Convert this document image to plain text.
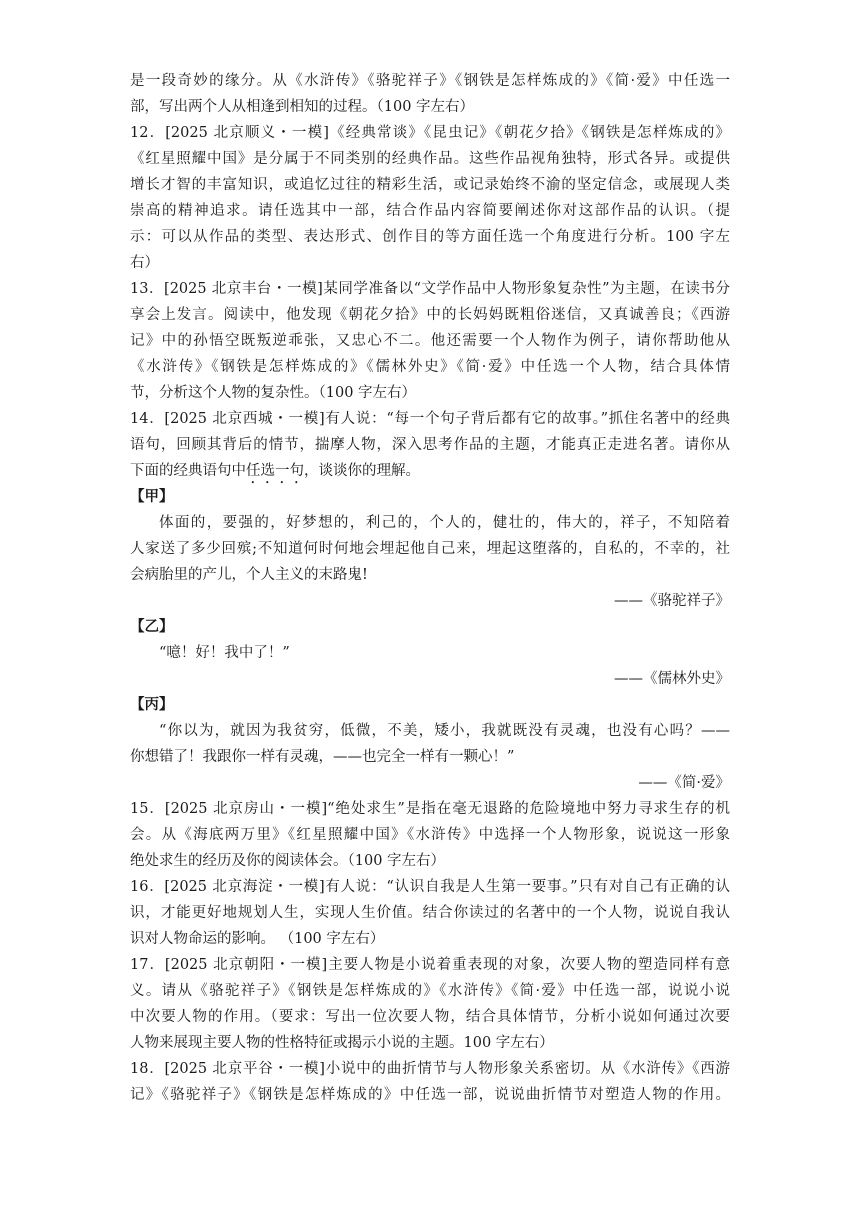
是一段奇妙的缘分。从《水浒传》《骆驼祥子》《钢铁是怎样炼成的》《简·爱》中任选一
部，写出两个人从相逢到相知的过程。（100 字左右）
12．[2025 北京顺义・一模]《经典常谈》《昆虫记》《朝花夕拾》《钢铁是怎样炼成的》
《红星照耀中国》是分属于不同类别的经典作品。这些作品视角独特，形式各异。或提供
增长才智的丰富知识，或追忆过往的精彩生活，或记录始终不渝的坚定信念，或展现人类
崇高的精神追求。请任选其中一部，结合作品内容简要阐述你对这部作品的认识。（提
示：可以从作品的类型、表达形式、创作目的等方面任选一个角度进行分析。100 字左
右）
13．[2025 北京丰台・一模]某同学准备以“文学作品中人物形象复杂性”为主题，在读书分
享会上发言。阅读中，他发现《朝花夕拾》中的长妈妈既粗俗迷信，又真诚善良；《西游
记》中的孙悟空既叛逆乖张，又忠心不二。他还需要一个人物作为例子，请你帮助他从
《水浒传》《钢铁是怎样炼成的》《儒林外史》《简·爱》中任选一个人物，结合具体情
节，分析这个人物的复杂性。（100 字左右）
14．[2025 北京西城・一模]有人说：“每一个句子背后都有它的故事。”抓住名著中的经典
语句，回顾其背后的情节，揣摩人物，深入思考作品的主题，才能真正走进名著。请你从
下面的经典语句中任选一句，谈谈你的理解。
【甲】
体面的，要强的，好梦想的，利己的，个人的，健壮的，伟大的，祥子，不知陪着
人家送了多少回殡;不知道何时何地会埋起他自己来，埋起这堕落的，自私的，不幸的，社
会病胎里的产儿，个人主义的末路鬼!
——《骆驼祥子》
【乙】
“噫！好！我中了！”
——《儒林外史》
【丙】
“你以为，就因为我贫穷，低微，不美，矮小，我就既没有灵魂，也没有心吗？——
你想错了！我跟你一样有灵魂，——也完全一样有一颗心！”
——《简·爱》
15．[2025 北京房山・一模]“绝处求生”是指在毫无退路的危险境地中努力寻求生存的机
会。从《海底两万里》《红星照耀中国》《水浒传》中选择一个人物形象，说说这一形象
绝处求生的经历及你的阅读体会。（100 字左右）
16．[2025 北京海淀・一模]有人说：“认识自我是人生第一要事。”只有对自己有正确的认
识，才能更好地规划人生，实现人生价值。结合你读过的名著中的一个人物，说说自我认
识对人物命运的影响。 （100 字左右）
17．[2025 北京朝阳・一模]主要人物是小说着重表现的对象，次要人物的塑造同样有意
义。请从《骆驼祥子》《钢铁是怎样炼成的》《水浒传》《简·爱》中任选一部，说说小说
中次要人物的作用。（要求：写出一位次要人物，结合具体情节，分析小说如何通过次要
人物来展现主要人物的性格特征或揭示小说的主题。100 字左右）
18．[2025 北京平谷・一模]小说中的曲折情节与人物形象关系密切。从《水浒传》《西游
记》《骆驼祥子》《钢铁是怎样炼成的》中任选一部，说说曲折情节对塑造人物的作用。
